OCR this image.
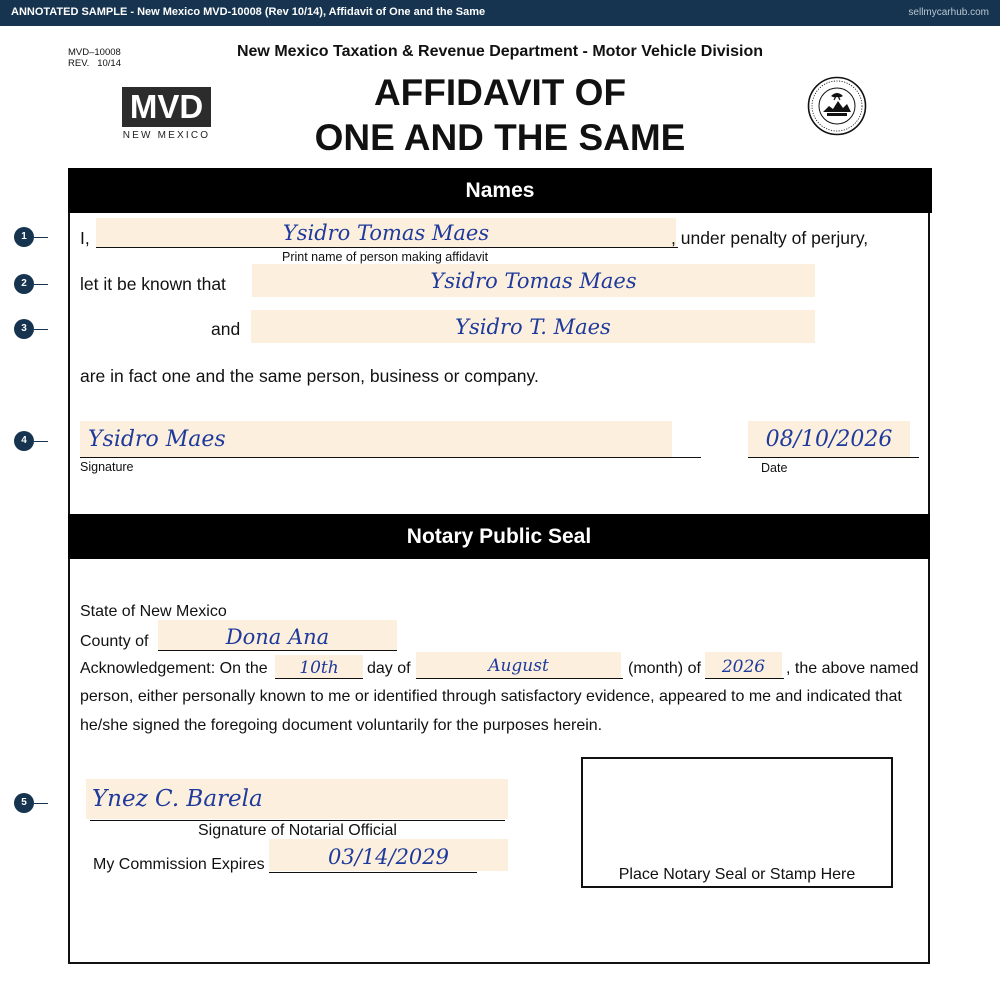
ANNOTATED SAMPLE - New Mexico MVD-10008 (Rev 10/14), Affidavit of One and the Same	sellmycarhub.com
MVD–10008
REV.   10/14
MVD
NEW MEXICO
New Mexico Taxation & Revenue Department - Motor Vehicle Division
AFFIDAVIT OF
ONE AND THE SAME
Names
I,	Ysidro Tomas Maes	, under penalty of perjury,
Print name of person making affidavit
let it be known that	Ysidro Tomas Maes
and	Ysidro T. Maes
are in fact one and the same person, business or company.
Ysidro Maes
Signature
08/10/2026
Date
Notary Public Seal
State of New Mexico
County of	Dona Ana
Acknowledgement: On the	10th	day of	August	(month) of	2026	, the above named
person, either personally known to me or identified through satisfactory evidence, appeared to me and indicated that
he/she signed the foregoing document voluntarily for the purposes herein.
Ynez C. Barela
Signature of Notarial Official
My Commission Expires	03/14/2029
Place Notary Seal or Stamp Here
1
2
3
4
5
